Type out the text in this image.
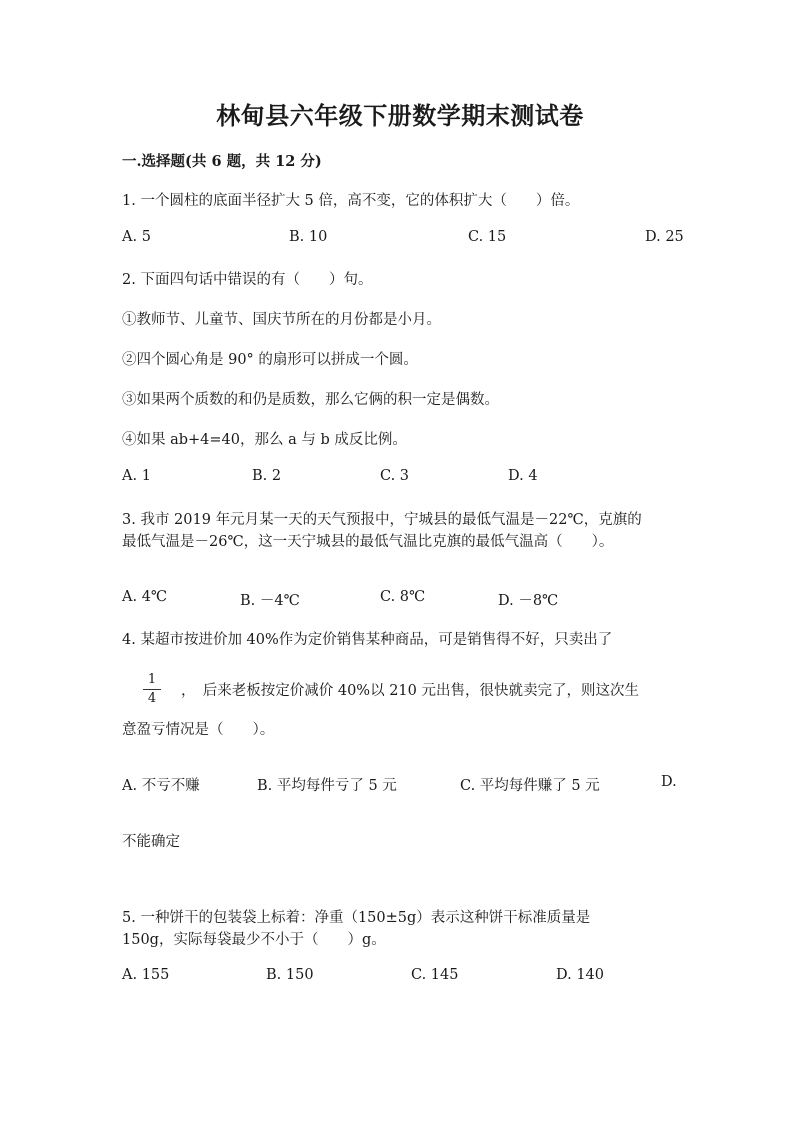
林甸县六年级下册数学期末测试卷
一.选择题(共 6 题，共 12 分)
1. 一个圆柱的底面半径扩大 5 倍，高不变，它的体积扩大（　　）倍。
A. 5	B. 10	C. 15	D. 25
2. 下面四句话中错误的有（　　）句。
①教师节、儿童节、国庆节所在的月份都是小月。
②四个圆心角是 90° 的扇形可以拼成一个圆。
③如果两个质数的和仍是质数，那么它俩的积一定是偶数。
④如果 ab+4=40，那么 a 与 b 成反比例。
A. 1	B. 2	C. 3	D. 4
3. 我市 2019 年元月某一天的天气预报中，宁城县的最低气温是－22℃，克旗的
最低气温是－26℃，这一天宁城县的最低气温比克旗的最低气温高（　　）。
A. 4℃	B. －4℃	C. 8℃	D. －8℃
4. 某超市按进价加 40%作为定价销售某种商品，可是销售得不好，只卖出了
1
4	，　后来老板按定价减价 40%以 210 元出售，很快就卖完了，则这次生
意盈亏情况是（　　）。
A. 不亏不赚	B. 平均每件亏了 5 元	C. 平均每件赚了 5 元	D.
不能确定
5. 一种饼干的包装袋上标着：净重（150±5g）表示这种饼干标准质量是
150g，实际每袋最少不小于（　　）g。
A. 155	B. 150	C. 145	D. 140
